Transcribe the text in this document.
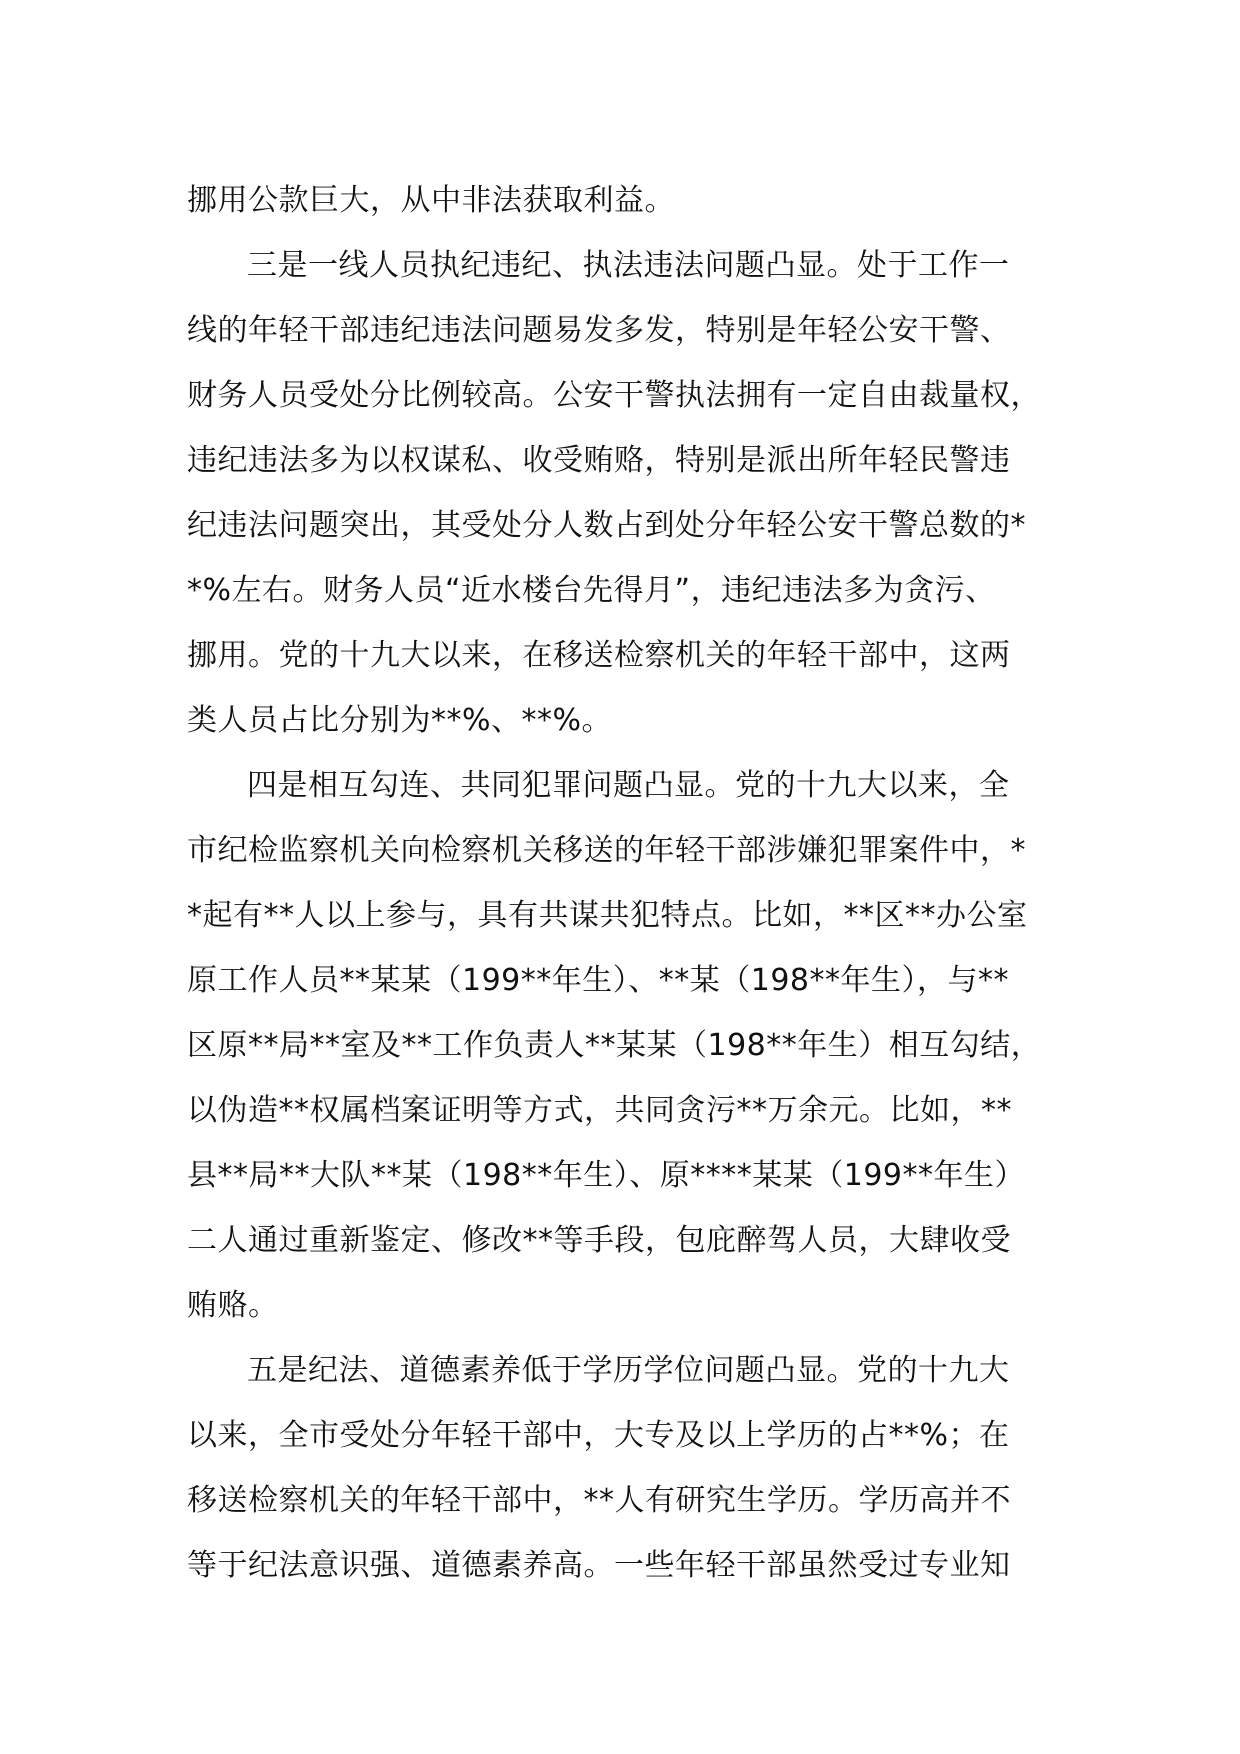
挪用公款巨大，从中非法获取利益。
三是一线人员执纪违纪、执法违法问题凸显。处于工作一
线的年轻干部违纪违法问题易发多发，特别是年轻公安干警、
财务人员受处分比例较高。公安干警执法拥有一定自由裁量权，
违纪违法多为以权谋私、收受贿赂，特别是派出所年轻民警违
纪违法问题突出，其受处分人数占到处分年轻公安干警总数的*
*%左右。财务人员“近水楼台先得月”，违纪违法多为贪污、
挪用。党的十九大以来，在移送检察机关的年轻干部中，这两
类人员占比分别为**%、**%。
四是相互勾连、共同犯罪问题凸显。党的十九大以来，全
市纪检监察机关向检察机关移送的年轻干部涉嫌犯罪案件中，*
*起有**人以上参与，具有共谋共犯特点。比如，**区**办公室
原工作人员**某某（199**年生）、**某（198**年生），与**
区原**局**室及**工作负责人**某某（198**年生）相互勾结，
以伪造**权属档案证明等方式，共同贪污**万余元。比如，**
县**局**大队**某（198**年生）、原****某某（199**年生）
二人通过重新鉴定、修改**等手段，包庇醉驾人员，大肆收受
贿赂。
五是纪法、道德素养低于学历学位问题凸显。党的十九大
以来，全市受处分年轻干部中，大专及以上学历的占**%；在
移送检察机关的年轻干部中，**人有研究生学历。学历高并不
等于纪法意识强、道德素养高。一些年轻干部虽然受过专业知
